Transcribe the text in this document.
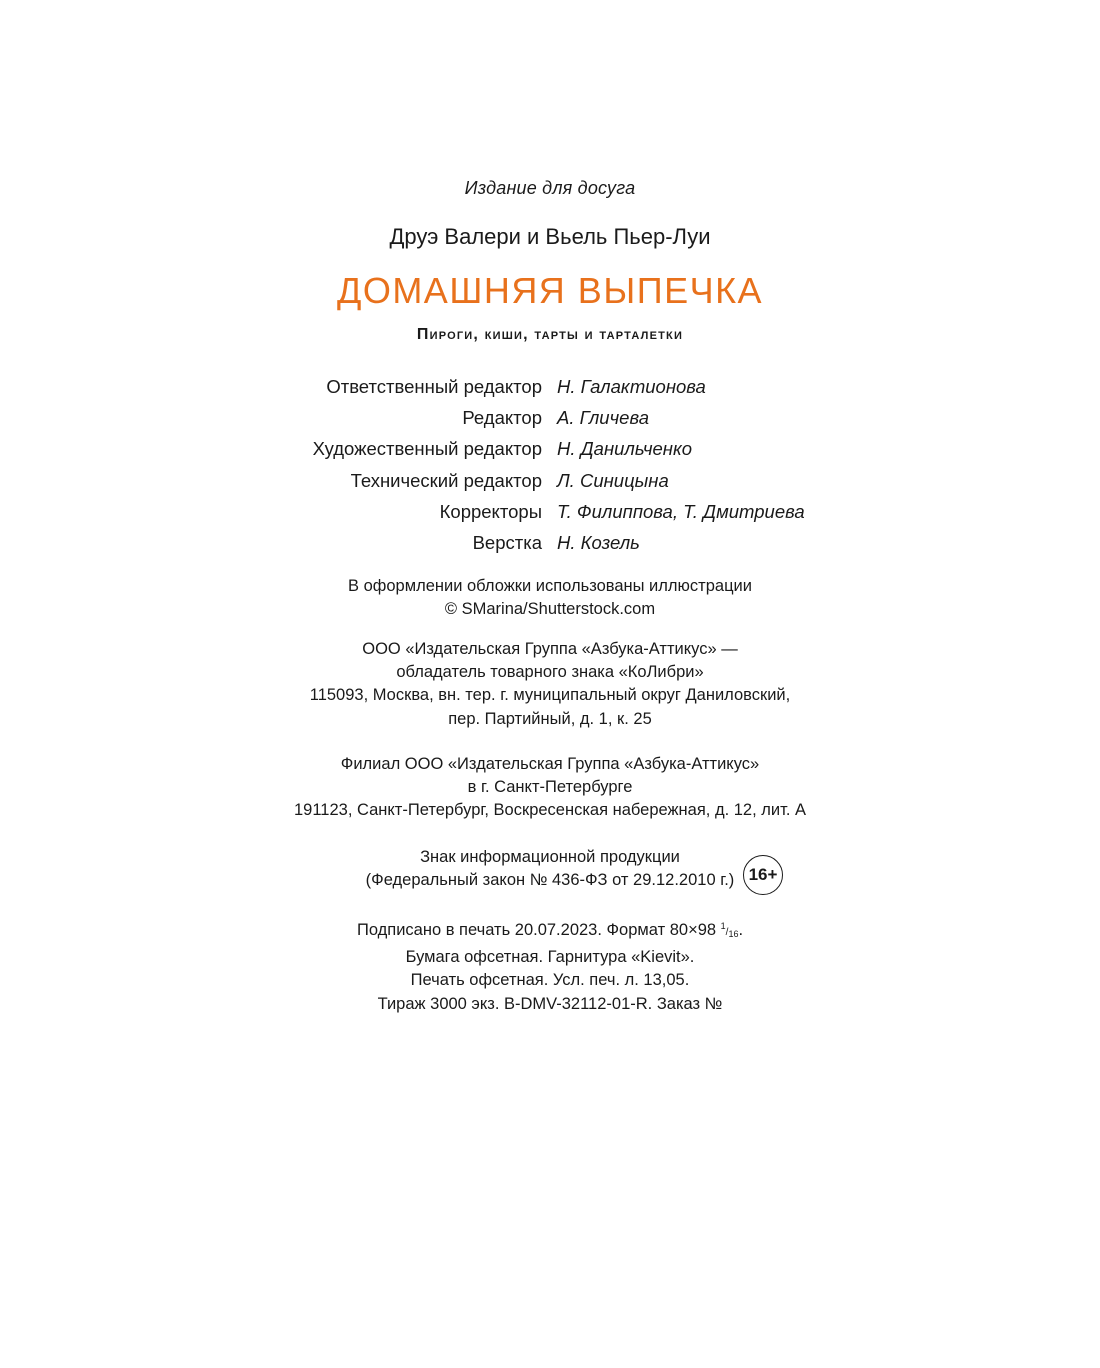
Издание для досуга
Друэ Валери и Вьель Пьер-Луи
ДОМАШНЯЯ ВЫПЕЧКА
Пироги, киши, тарты и тарталетки
Ответственный редактор Н. Галактионова
Редактор А. Гличева
Художественный редактор Н. Данильченко
Технический редактор Л. Синицына
Корректоры Т. Филиппова, Т. Дмитриева
Верстка Н. Козель
В оформлении обложки использованы иллюстрации
© SMarina/Shutterstock.com
ООО «Издательская Группа «Азбука-Аттикус» —
обладатель товарного знака «КоЛибри»
115093, Москва, вн. тер. г. муниципальный округ Даниловский,
пер. Партийный, д. 1, к. 25
Филиал ООО «Издательская Группа «Азбука-Аттикус»
в г. Санкт-Петербурге
191123, Санкт-Петербург, Воскресенская набережная, д. 12, лит. А
Знак информационной продукции
(Федеральный закон № 436-ФЗ от 29.12.2010 г.) 16+
Подписано в печать 20.07.2023. Формат 80×98 $^1/_{16}$.
Бумага офсетная. Гарнитура «Kievit».
Печать офсетная. Усл. печ. л. 13,05.
Тираж 3000 экз. B-DMV-32112-01-R. Заказ №
